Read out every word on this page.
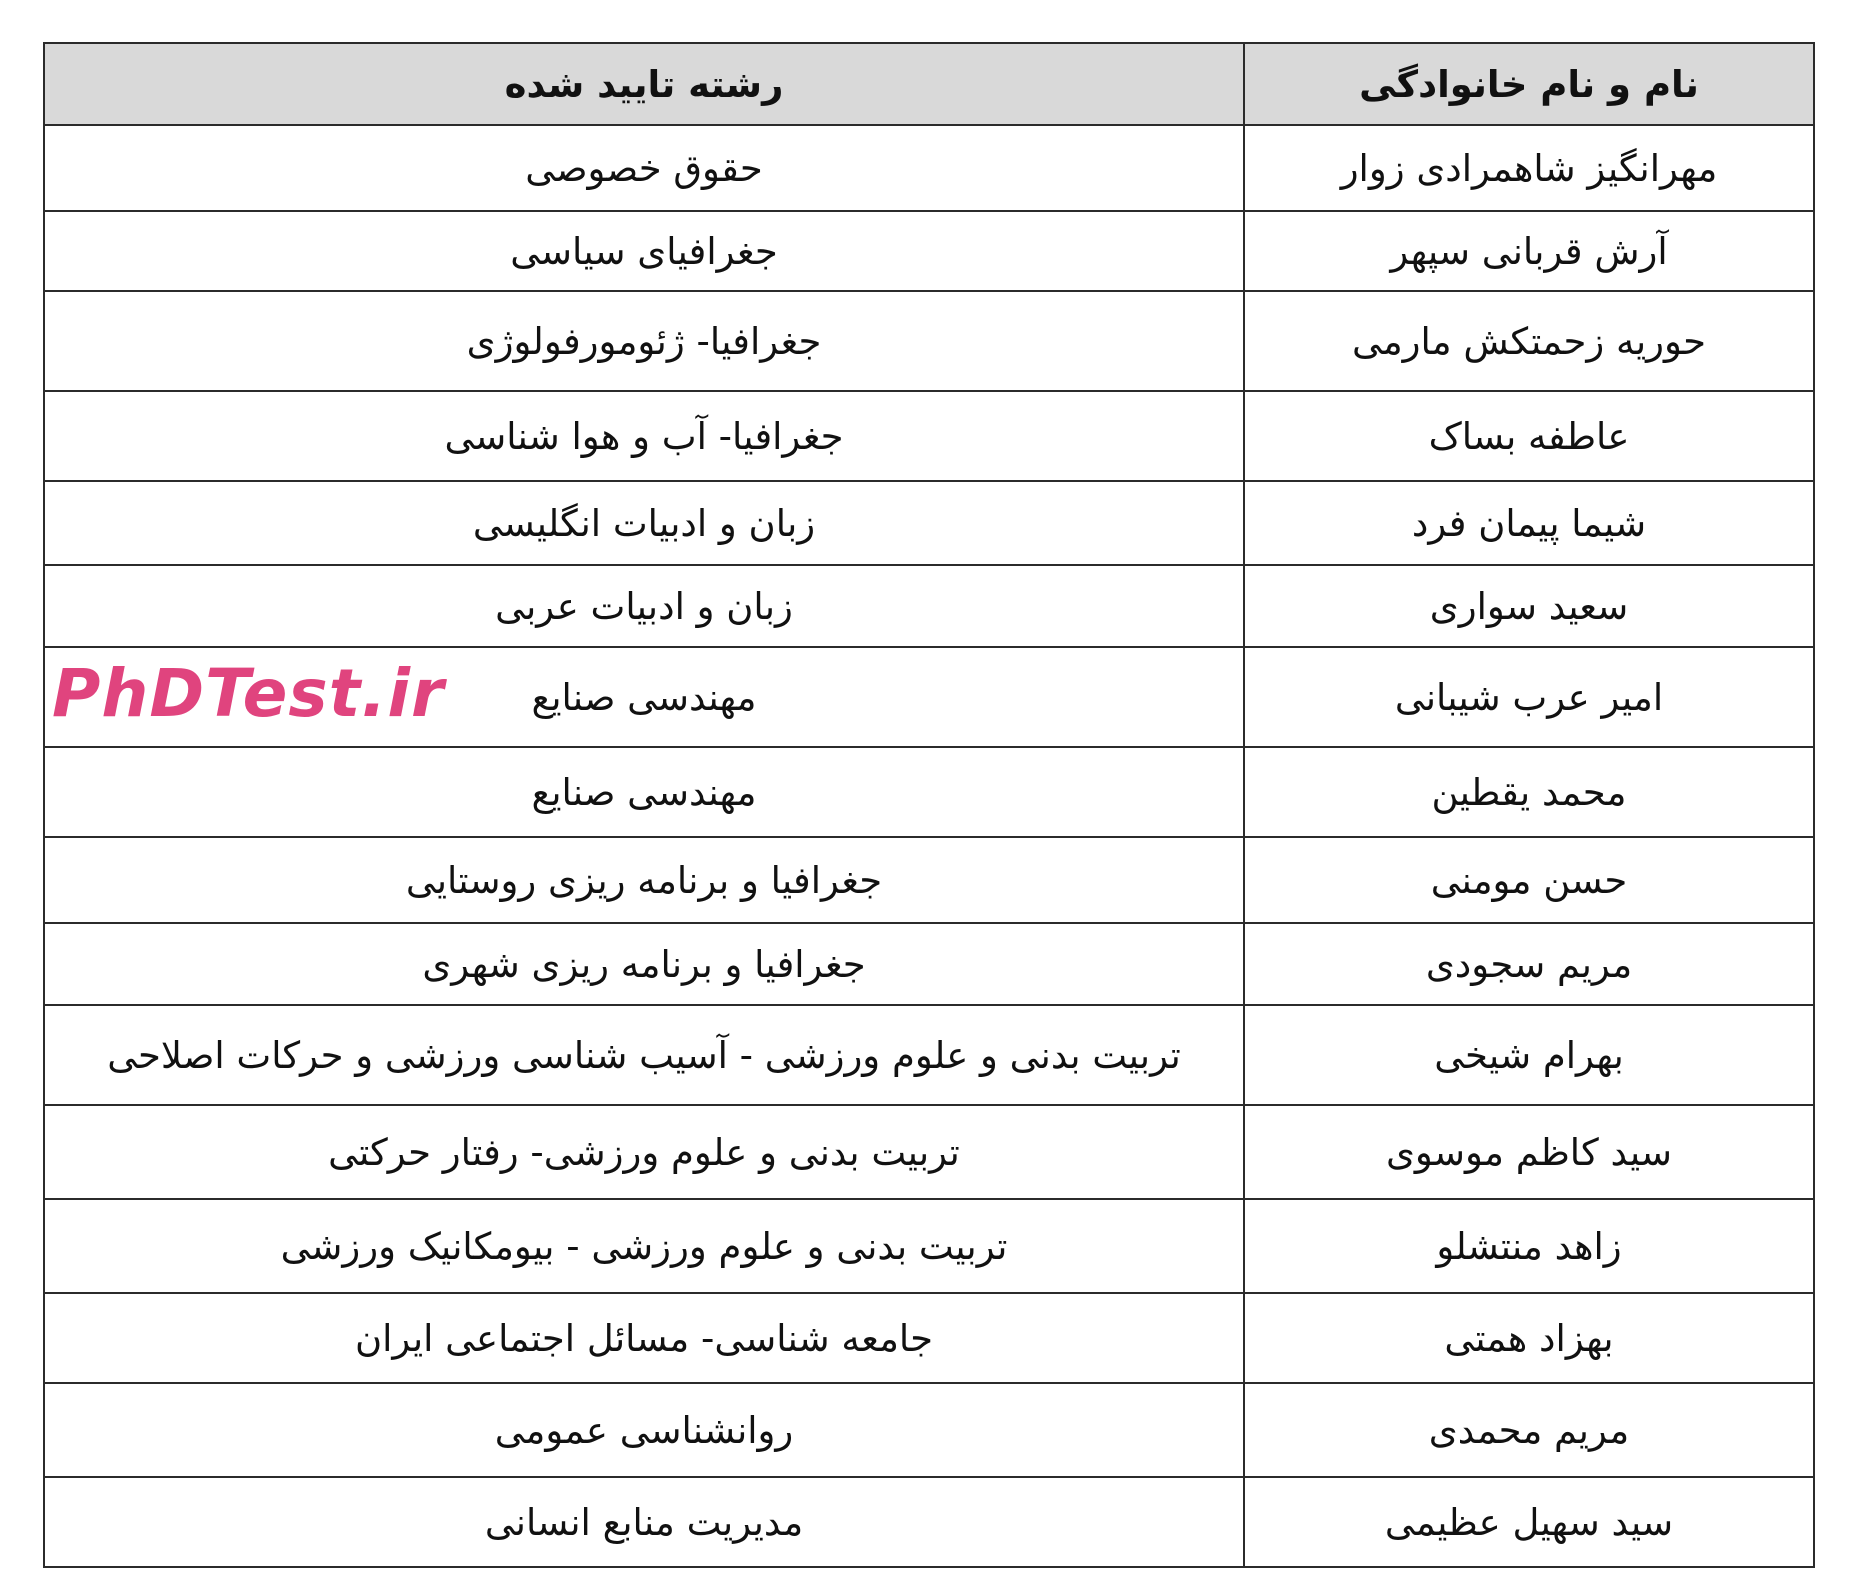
نام و نام خانوادگی	رشته تایید شده
مهرانگیز شاهمرادی زوار	حقوق خصوصی
آرش قربانی سپهر	جغرافیای سیاسی
حوریه زحمتکش مارمی	جغرافیا- ژئومورفولوژی
عاطفه بساک	جغرافیا- آب و هوا شناسی
شیما پیمان فرد	زبان و ادبیات انگلیسی
سعید سواری	زبان و ادبیات عربی
امیر عرب شیبانی	مهندسی صنایع
محمد یقطین	مهندسی صنایع
حسن مومنی	جغرافیا و برنامه ریزی روستایی
مریم سجودی	جغرافیا و برنامه ریزی شهری
بهرام شیخی	تربیت بدنی و علوم ورزشی - آسیب شناسی ورزشی و حرکات اصلاحی
سید کاظم موسوی	تربیت بدنی و علوم ورزشی- رفتار حرکتی
زاهد منتشلو	تربیت بدنی و علوم ورزشی - بیومکانیک ورزشی
بهزاد همتی	جامعه شناسی- مسائل اجتماعی ایران
مریم محمدی	روانشناسی عمومی
سید سهیل عظیمی	مدیریت منابع انسانی
PhDTest.ir
